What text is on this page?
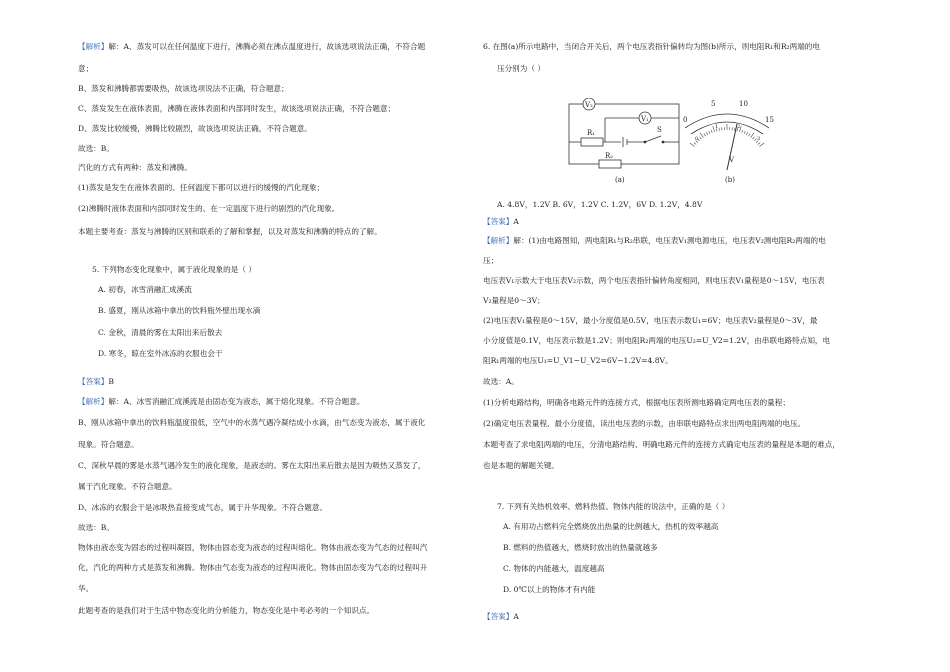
【解析】解：A、蒸发可以在任何温度下进行，沸腾必须在沸点温度进行，故该选项说法正确，不符合题
意；
B、蒸发和沸腾都需要吸热，故该选项说法不正确，符合题意；
C、蒸发发生在液体表面，沸腾在液体表面和内部同时发生，故该选项说法正确，不符合题意；
D、蒸发比较缓慢，沸腾比较剧烈，故该选项说法正确，不符合题意。
故选：B。
汽化的方式有两种：蒸发和沸腾。
(1)蒸发是发生在液体表面的、任何温度下都可以进行的缓慢的汽化现象；
(2)沸腾时液体表面和内部同时发生的、在一定温度下进行的剧烈的汽化现象。
本题主要考查：蒸发与沸腾的区别和联系的了解和掌握，以及对蒸发和沸腾的特点的了解。
5. 下列物态变化现象中，属于液化现象的是（ ）
A. 初春，冰雪消融汇成溪流
B. 盛夏，刚从冰箱中拿出的饮料瓶外壁出现水滴
C. 金秋，清晨的雾在太阳出来后散去
D. 寒冬，晾在室外冰冻的衣服也会干
【答案】B
【解析】解：A、冰雪消融汇成溪流是由固态变为液态，属于熔化现象。不符合题意。
B、刚从冰箱中拿出的饮料瓶温度很低，空气中的水蒸气遇冷凝结成小水滴，由气态变为液态，属于液化
现象。符合题意。
C、深秋早晨的雾是水蒸气遇冷发生的液化现象，是液态的。雾在太阳出来后散去是因为吸热又蒸发了，
属于汽化现象。不符合题意。
D、冰冻的衣服会干是冰吸热直接变成气态，属于升华现象。不符合题意。
故选：B。
物体由液态变为固态的过程叫凝固，物体由固态变为液态的过程叫熔化。物体由液态变为气态的过程叫汽
化，汽化的两种方式是蒸发和沸腾。物体由气态变为液态的过程叫液化。物体由固态变为气态的过程叫升
华。
此题考查的是我们对于生活中物态变化的分析能力，物态变化是中考必考的一个知识点。
6. 在图(a)所示电路中，当闭合开关后，两个电压表指针偏转均为图(b)所示，则电阻R₁和R₂两端的电
压分别为（ ）
A. 4.8V，1.2V B. 6V，1.2V C. 1.2V，6V D. 1.2V，4.8V
【答案】A
【解析】解：(1)由电路图知，两电阻R₁与R₂串联，电压表V₁测电源电压，电压表V₂测电阻R₂两端的电
压；
电压表V₁示数大于电压表V₂示数，两个电压表指针偏转角度相同，则电压表V₁量程是0～15V，电压表
V₂量程是0～3V；
(2)电压表V₁量程是0～15V，最小分度值是0.5V，电压表示数U₁=6V；电压表V₂量程是0～3V，最
小分度值是0.1V，电压表示数是1.2V；则电阻R₂两端的电压U₂=U_V2=1.2V，由串联电路特点知，电
阻R₁两端的电压U₁=U_V1−U_V2=6V−1.2V=4.8V。
故选：A。
(1)分析电路结构，明确各电路元件的连接方式，根据电压表所测电路确定两电压表的量程；
(2)确定电压表量程、最小分度值，读出电压表的示数，由串联电路特点求出两电阻两端的电压。
本题考查了求电阻两端的电压，分清电路结构、明确电路元件的连接方式确定电压表的量程是本题的难点，
也是本题的解题关键。
7. 下列有关热机效率、燃料热值、物体内能的说法中，正确的是（ ）
A. 有用功占燃料完全燃烧放出热量的比例越大，热机的效率越高
B. 燃料的热值越大，燃烧时放出的热量就越多
C. 物体的内能越大，温度越高
D. 0℃以上的物体才有内能
【答案】A
V₂
V₁
R₁
R₂
S
(a)	(b)
V
0
5	10
15
0
1	2
3
